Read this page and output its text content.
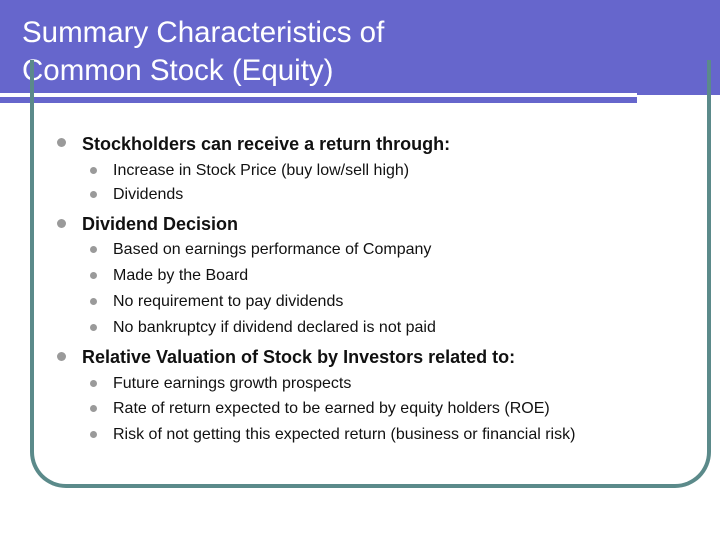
Summary Characteristics of
Common Stock (Equity)
Stockholders can receive a return through:
Increase in Stock Price (buy low/sell high)
Dividends
Dividend Decision
Based on earnings performance of Company
Made by the Board
No requirement to pay dividends
No bankruptcy if dividend declared is not paid
Relative Valuation of Stock by Investors related to:
Future earnings growth prospects
Rate of return expected to be earned by equity holders (ROE)
Risk of not getting this expected return (business or financial risk)
